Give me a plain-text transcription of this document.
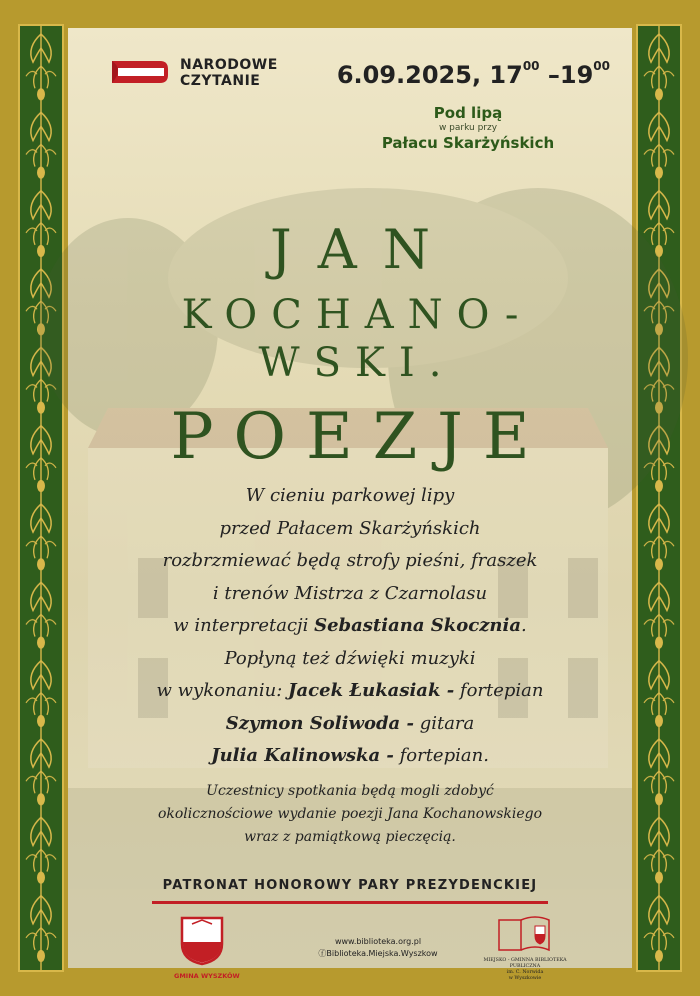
NARODOWE
CZYTANIE	6.09.2025, $17^{00}$ $-19^{00}$
Pod lipą
w parku przy
Pałacu Skarżyńskich
JAN
KOCHANO-
WSKI.
POEZJE
W cieniu parkowej lipy
przed Pałacem Skarżyńskich
rozbrzmiewać będą strofy pieśni, fraszek
i trenów Mistrza z Czarnolasu
w interpretacji Sebastiana Skocznia.
Popłyną też dźwięki muzyki
w wykonaniu: Jacek Łukasiak - fortepian
Szymon Soliwoda - gitara
Julia Kalinowska - fortepian.
Uczestnicy spotkania będą mogli zdobyć
okolicznościowe wydanie poezji Jana Kochanowskiego
wraz z pamiątkową pieczęcią.
PATRONAT HONOROWY PARY PREZYDENCKIEJ
GMINA WYSZKÓW
www.biblioteka.org.pl
ⓕBiblioteka.Miejska.Wyszkow
MIEJSKO - GMINNA BIBLIOTEKA PUBLICZNA
im. C. Norwida
w Wyszkowie
